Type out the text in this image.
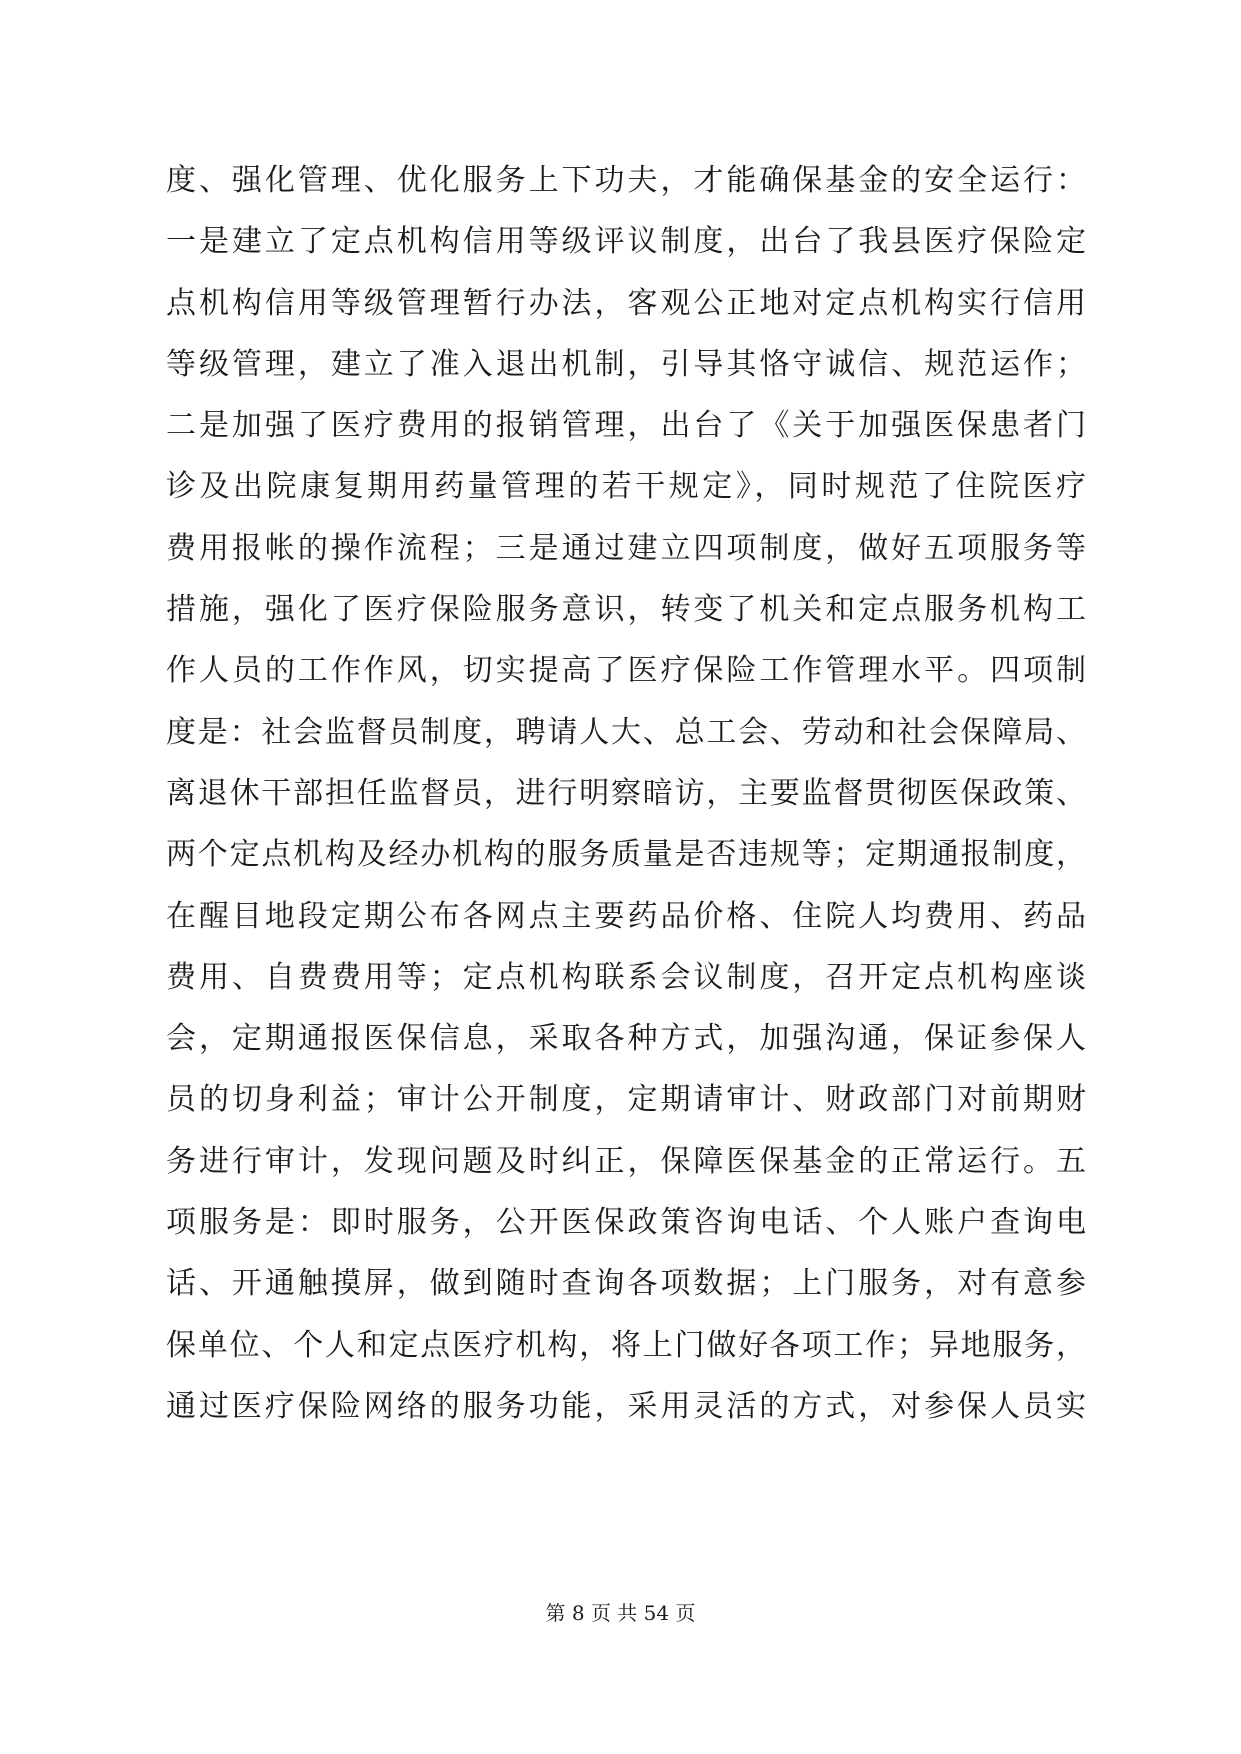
度、强化管理、优化服务上下功夫，才能确保基金的安全运行：
一是建立了定点机构信用等级评议制度，出台了我县医疗保险定
点机构信用等级管理暂行办法，客观公正地对定点机构实行信用
等级管理，建立了准入退出机制，引导其恪守诚信、规范运作；
二是加强了医疗费用的报销管理，出台了《关于加强医保患者门
诊及出院康复期用药量管理的若干规定》，同时规范了住院医疗
费用报帐的操作流程；三是通过建立四项制度，做好五项服务等
措施，强化了医疗保险服务意识，转变了机关和定点服务机构工
作人员的工作作风，切实提高了医疗保险工作管理水平。四项制
度是：社会监督员制度，聘请人大、总工会、劳动和社会保障局、
离退休干部担任监督员，进行明察暗访，主要监督贯彻医保政策、
两个定点机构及经办机构的服务质量是否违规等；定期通报制度，
在醒目地段定期公布各网点主要药品价格、住院人均费用、药品
费用、自费费用等；定点机构联系会议制度，召开定点机构座谈
会，定期通报医保信息，采取各种方式，加强沟通，保证参保人
员的切身利益；审计公开制度，定期请审计、财政部门对前期财
务进行审计，发现问题及时纠正，保障医保基金的正常运行。五
项服务是：即时服务，公开医保政策咨询电话、个人账户查询电
话、开通触摸屏，做到随时查询各项数据；上门服务，对有意参
保单位、个人和定点医疗机构，将上门做好各项工作；异地服务，
通过医疗保险网络的服务功能，采用灵活的方式，对参保人员实
第 8 页 共 54 页
